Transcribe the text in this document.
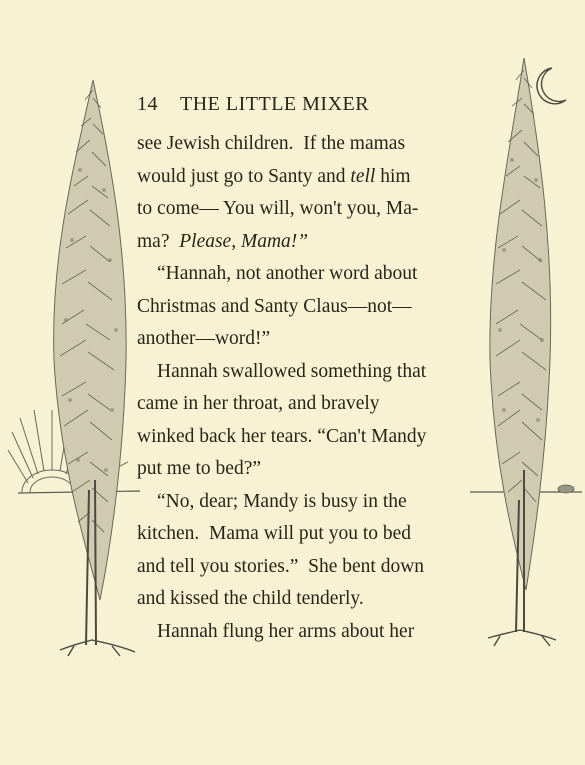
14 THE LITTLE MIXER
see Jewish children.  If the mamas
would just go to Santy and tell him
to come— You will, won't you, Ma-
ma? Please, Mama!”
“Hannah, not another word about
Christmas and Santy Claus—not—
another—word!”
Hannah swallowed something that
came in her throat, and bravely
winked back her tears. “Can't Mandy
put me to bed?”
“No, dear; Mandy is busy in the
kitchen.  Mama will put you to bed
and tell you stories.”  She bent down
and kissed the child tenderly.
Hannah flung her arms about her
